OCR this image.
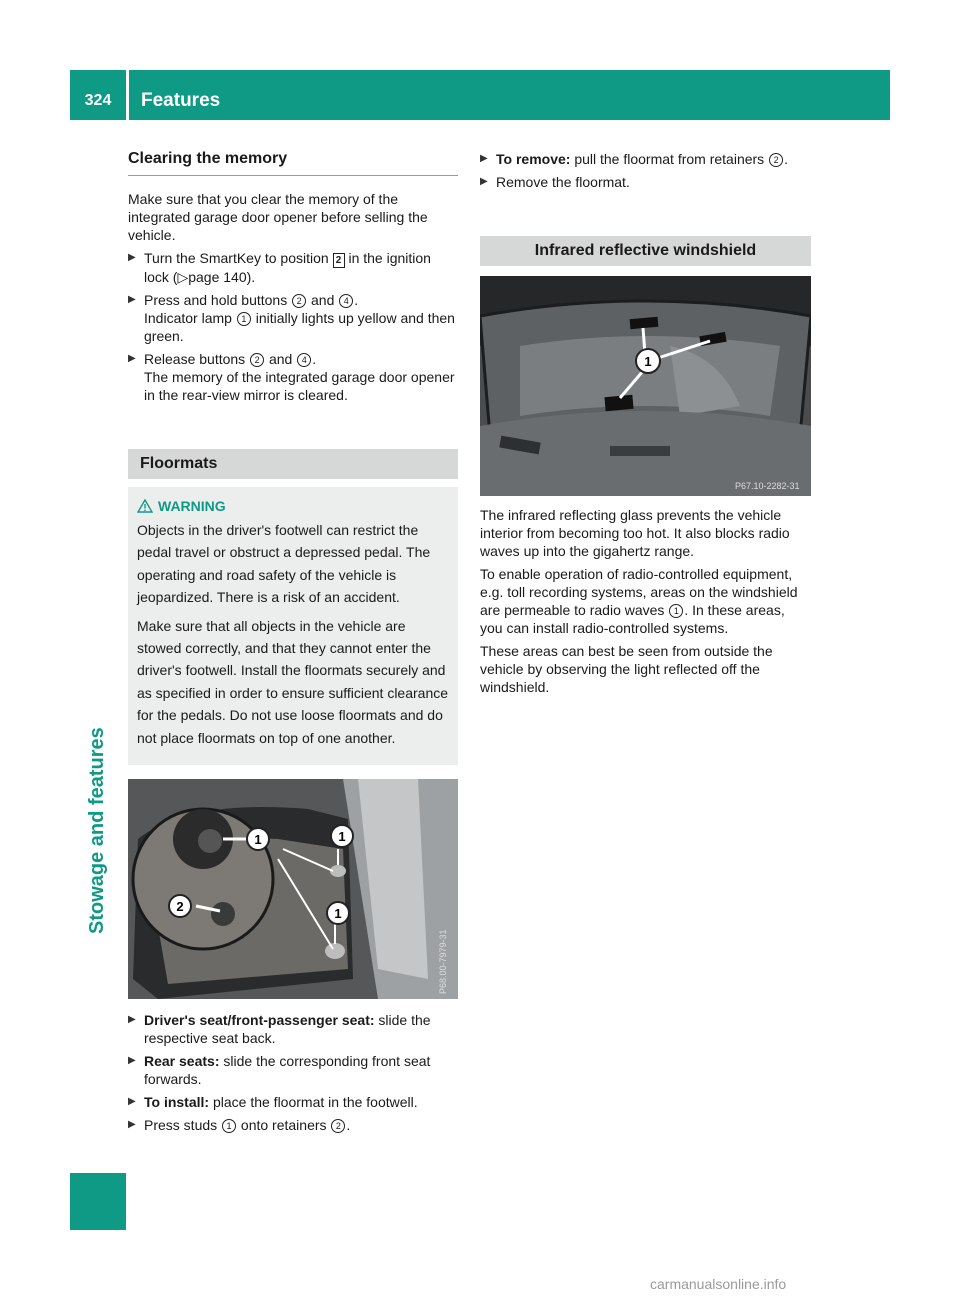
324	Features
Stowage and features
Clearing the memory

Make sure that you clear the memory of the integrated garage door opener before selling the vehicle.

▶ Turn the SmartKey to position 2 in the ignition lock (▷page 140).
▶ Press and hold buttons 2 and 4 .
Indicator lamp 1 initially lights up yellow and then green.
▶ Release buttons 2 and 4 .
The memory of the integrated garage door opener in the rear-view mirror is cleared.
Floormats
WARNING

Objects in the driver's footwell can restrict the pedal travel or obstruct a depressed pedal. The operating and road safety of the vehicle is jeopardized. There is a risk of an accident.

Make sure that all objects in the vehicle are stowed correctly, and that they cannot enter the driver's footwell. Install the floormats securely and as specified in order to ensure sufficient clearance for the pedals. Do not use loose floormats and do not place floormats on top of one another.

1	1
1
2
P68.00-7979-31
▶ Driver's seat/front-passenger seat: slide the respective seat back.
▶ Rear seats: slide the corresponding front seat forwards.
▶ To install: place the floormat in the footwell.
▶ Press studs 1 onto retainers 2 .
▶ To remove: pull the floormat from retainers 2 .
▶ Remove the floormat.
Infrared reflective windshield
1
P67.10-2282-31

The infrared reflecting glass prevents the vehicle interior from becoming too hot. It also blocks radio waves up into the gigahertz range.

To enable operation of radio-controlled equipment, e.g. toll recording systems, areas on the windshield are permeable to radio waves 1 . In these areas, you can install radio-controlled systems.

These areas can best be seen from outside the vehicle by observing the light reflected off the windshield.

carmanualsonline.info
